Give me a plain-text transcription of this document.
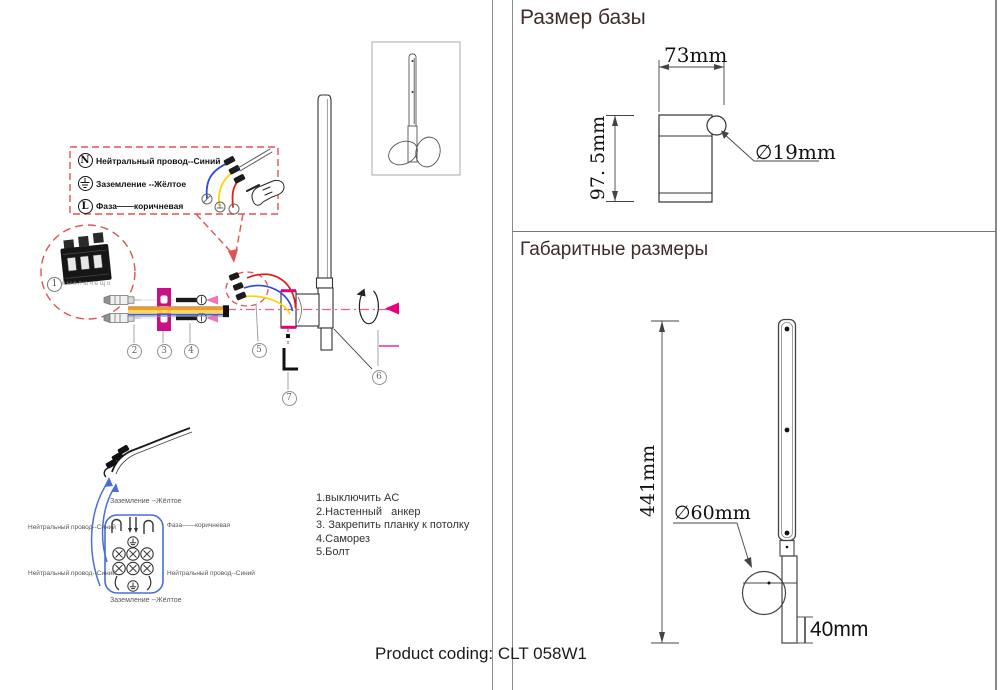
N Нейтральный провод--Синий
Заземление --Жёлтое
L Фаза——коричневая
1 выключещо
2	3	4	5
6
7
1.выключить AC
2.Настенный   анкер
3. Закрепить планку к потолку
4.Саморез
5.Болт
Заземление --Жёлтое
Нейтральный провод--Синий	Фаза——коричневая
Нейтральный провод--Синий	Нейтральный провод--Синий
Заземление --Жёлтое
Размер базы
73mm
97. 5mm	∅19mm
Габаритные размеры
441mm ∅60mm
40mm
Product coding: CLT 058W1
